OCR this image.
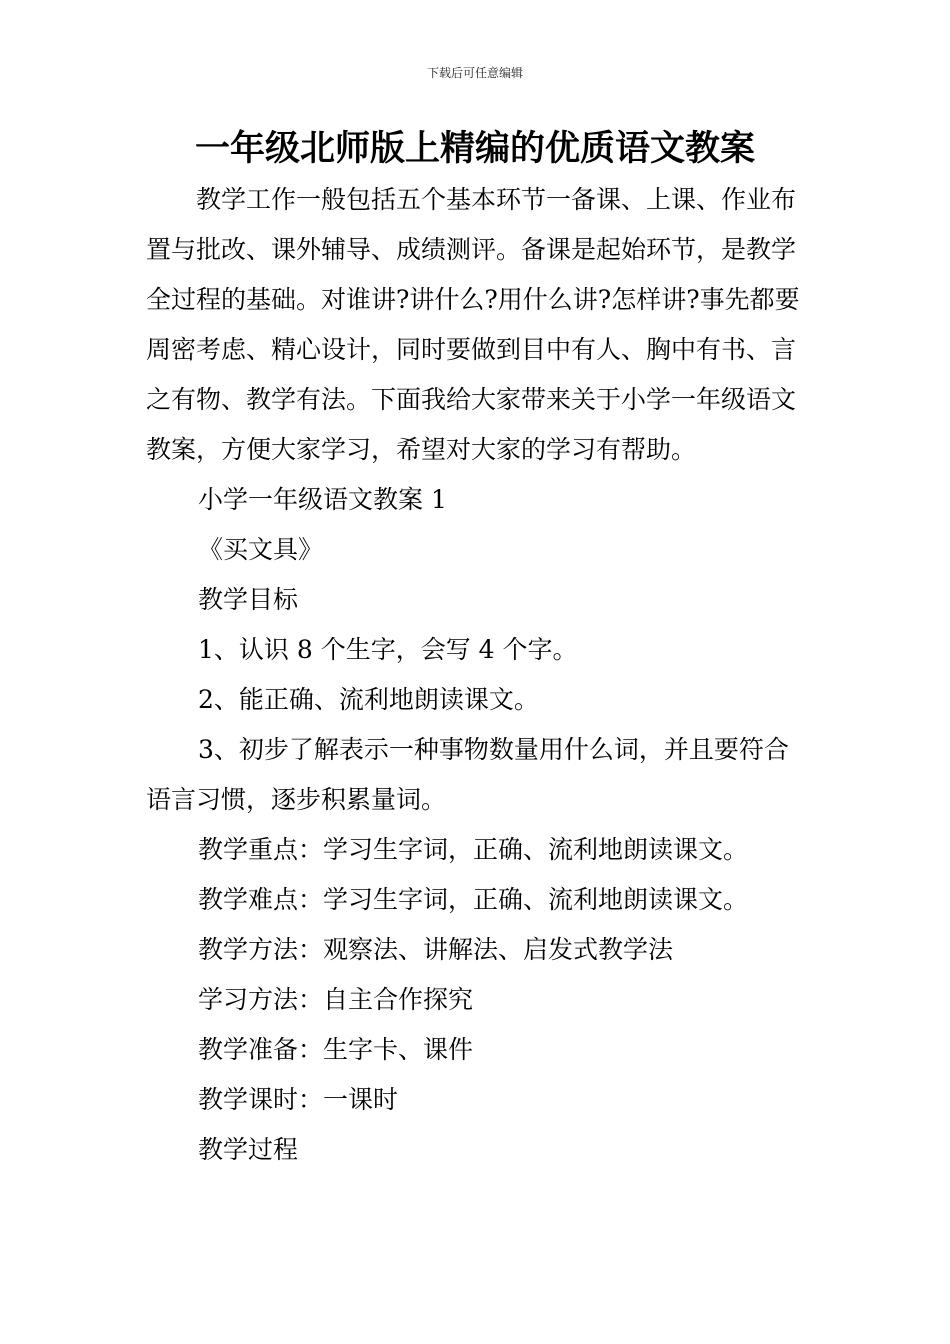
下载后可任意编辑
一年级北师版上精编的优质语文教案

教学工作一般包括五个基本环节一备课、上课、作业布置与批改、课外辅导、成绩测评。备课是起始环节，是教学全过程的基础。对谁讲?讲什么?用什么讲?怎样讲?事先都要周密考虑、精心设计，同时要做到目中有人、胸中有书、言之有物、教学有法。下面我给大家带来关于小学一年级语文教案，方便大家学习，希望对大家的学习有帮助。

小学一年级语文教案 1

《买文具》

教学目标

1、认识 8 个生字，会写 4 个字。

2、能正确、流利地朗读课文。

3、初步了解表示一种事物数量用什么词，并且要符合语言习惯，逐步积累量词。

教学重点：学习生字词，正确、流利地朗读课文。

教学难点：学习生字词，正确、流利地朗读课文。

教学方法：观察法、讲解法、启发式教学法

学习方法：自主合作探究

教学准备：生字卡、课件

教学课时：一课时

教学过程
